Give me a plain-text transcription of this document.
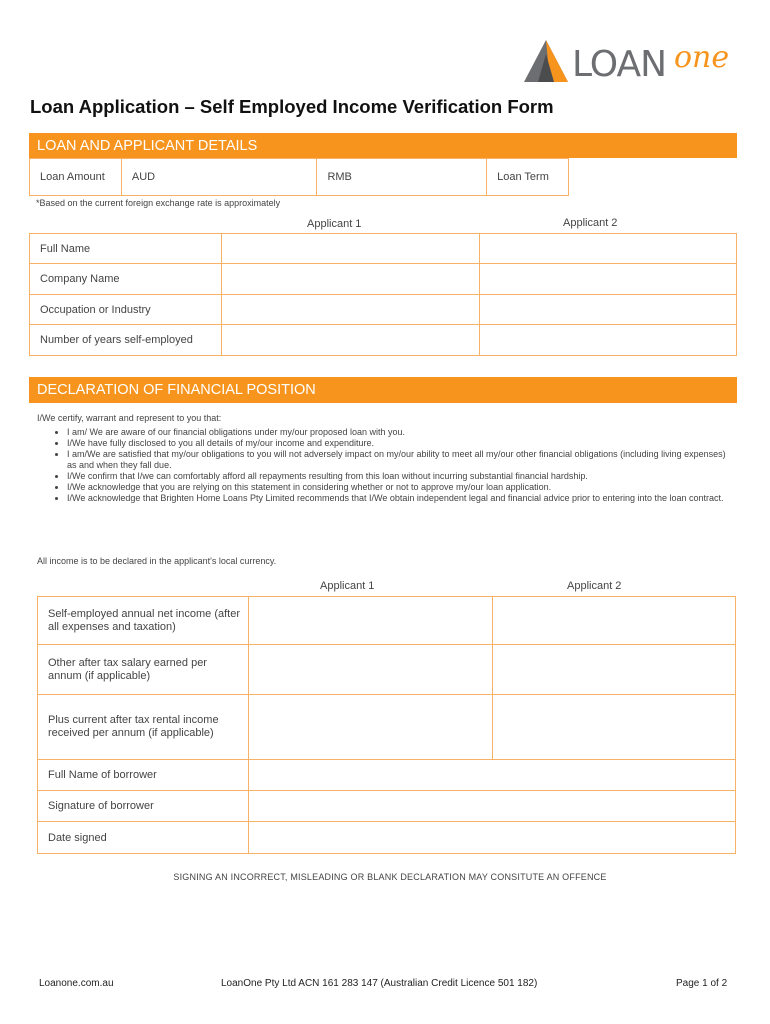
LOAN one
Loan Application – Self Employed Income Verification Form
LOAN AND APPLICANT DETAILS
Loan Amount	AUD	RMB	Loan Term
*Based on the current foreign exchange rate is approximately
Applicant 1	Applicant 2
Full Name		
Company Name		
Occupation or Industry		
Number of years self-employed		
DECLARATION OF FINANCIAL POSITION
I/We certify, warrant and represent to you that:
• I am/ We are aware of our financial obligations under my/our proposed loan with you.
• I/We have fully disclosed to you all details of my/our income and expenditure.
• I am/We are satisfied that my/our obligations to you will not adversely impact on my/our ability to meet all my/our other financial obligations (including living expenses) as and when they fall due.
• I/We confirm that I/we can comfortably afford all repayments resulting from this loan without incurring substantial financial hardship.
• I/We acknowledge that you are relying on this statement in considering whether or not to approve my/our loan application.
• I/We acknowledge that Brighten Home Loans Pty Limited recommends that I/We obtain independent legal and financial advice prior to entering into the loan contract.
All income is to be declared in the applicant's local currency.
Applicant 1	Applicant 2
Self-employed annual net income (after all expenses and taxation)		
Other after tax salary earned per annum (if applicable)		
Plus current after tax rental income received per annum (if applicable)		
Full Name of borrower		
Signature of borrower		
Date signed		
SIGNING AN INCORRECT, MISLEADING OR BLANK DECLARATION MAY CONSITUTE AN OFFENCE
Loanone.com.au	LoanOne Pty Ltd ACN 161 283 147 (Australian Credit Licence 501 182)	Page 1 of 2
